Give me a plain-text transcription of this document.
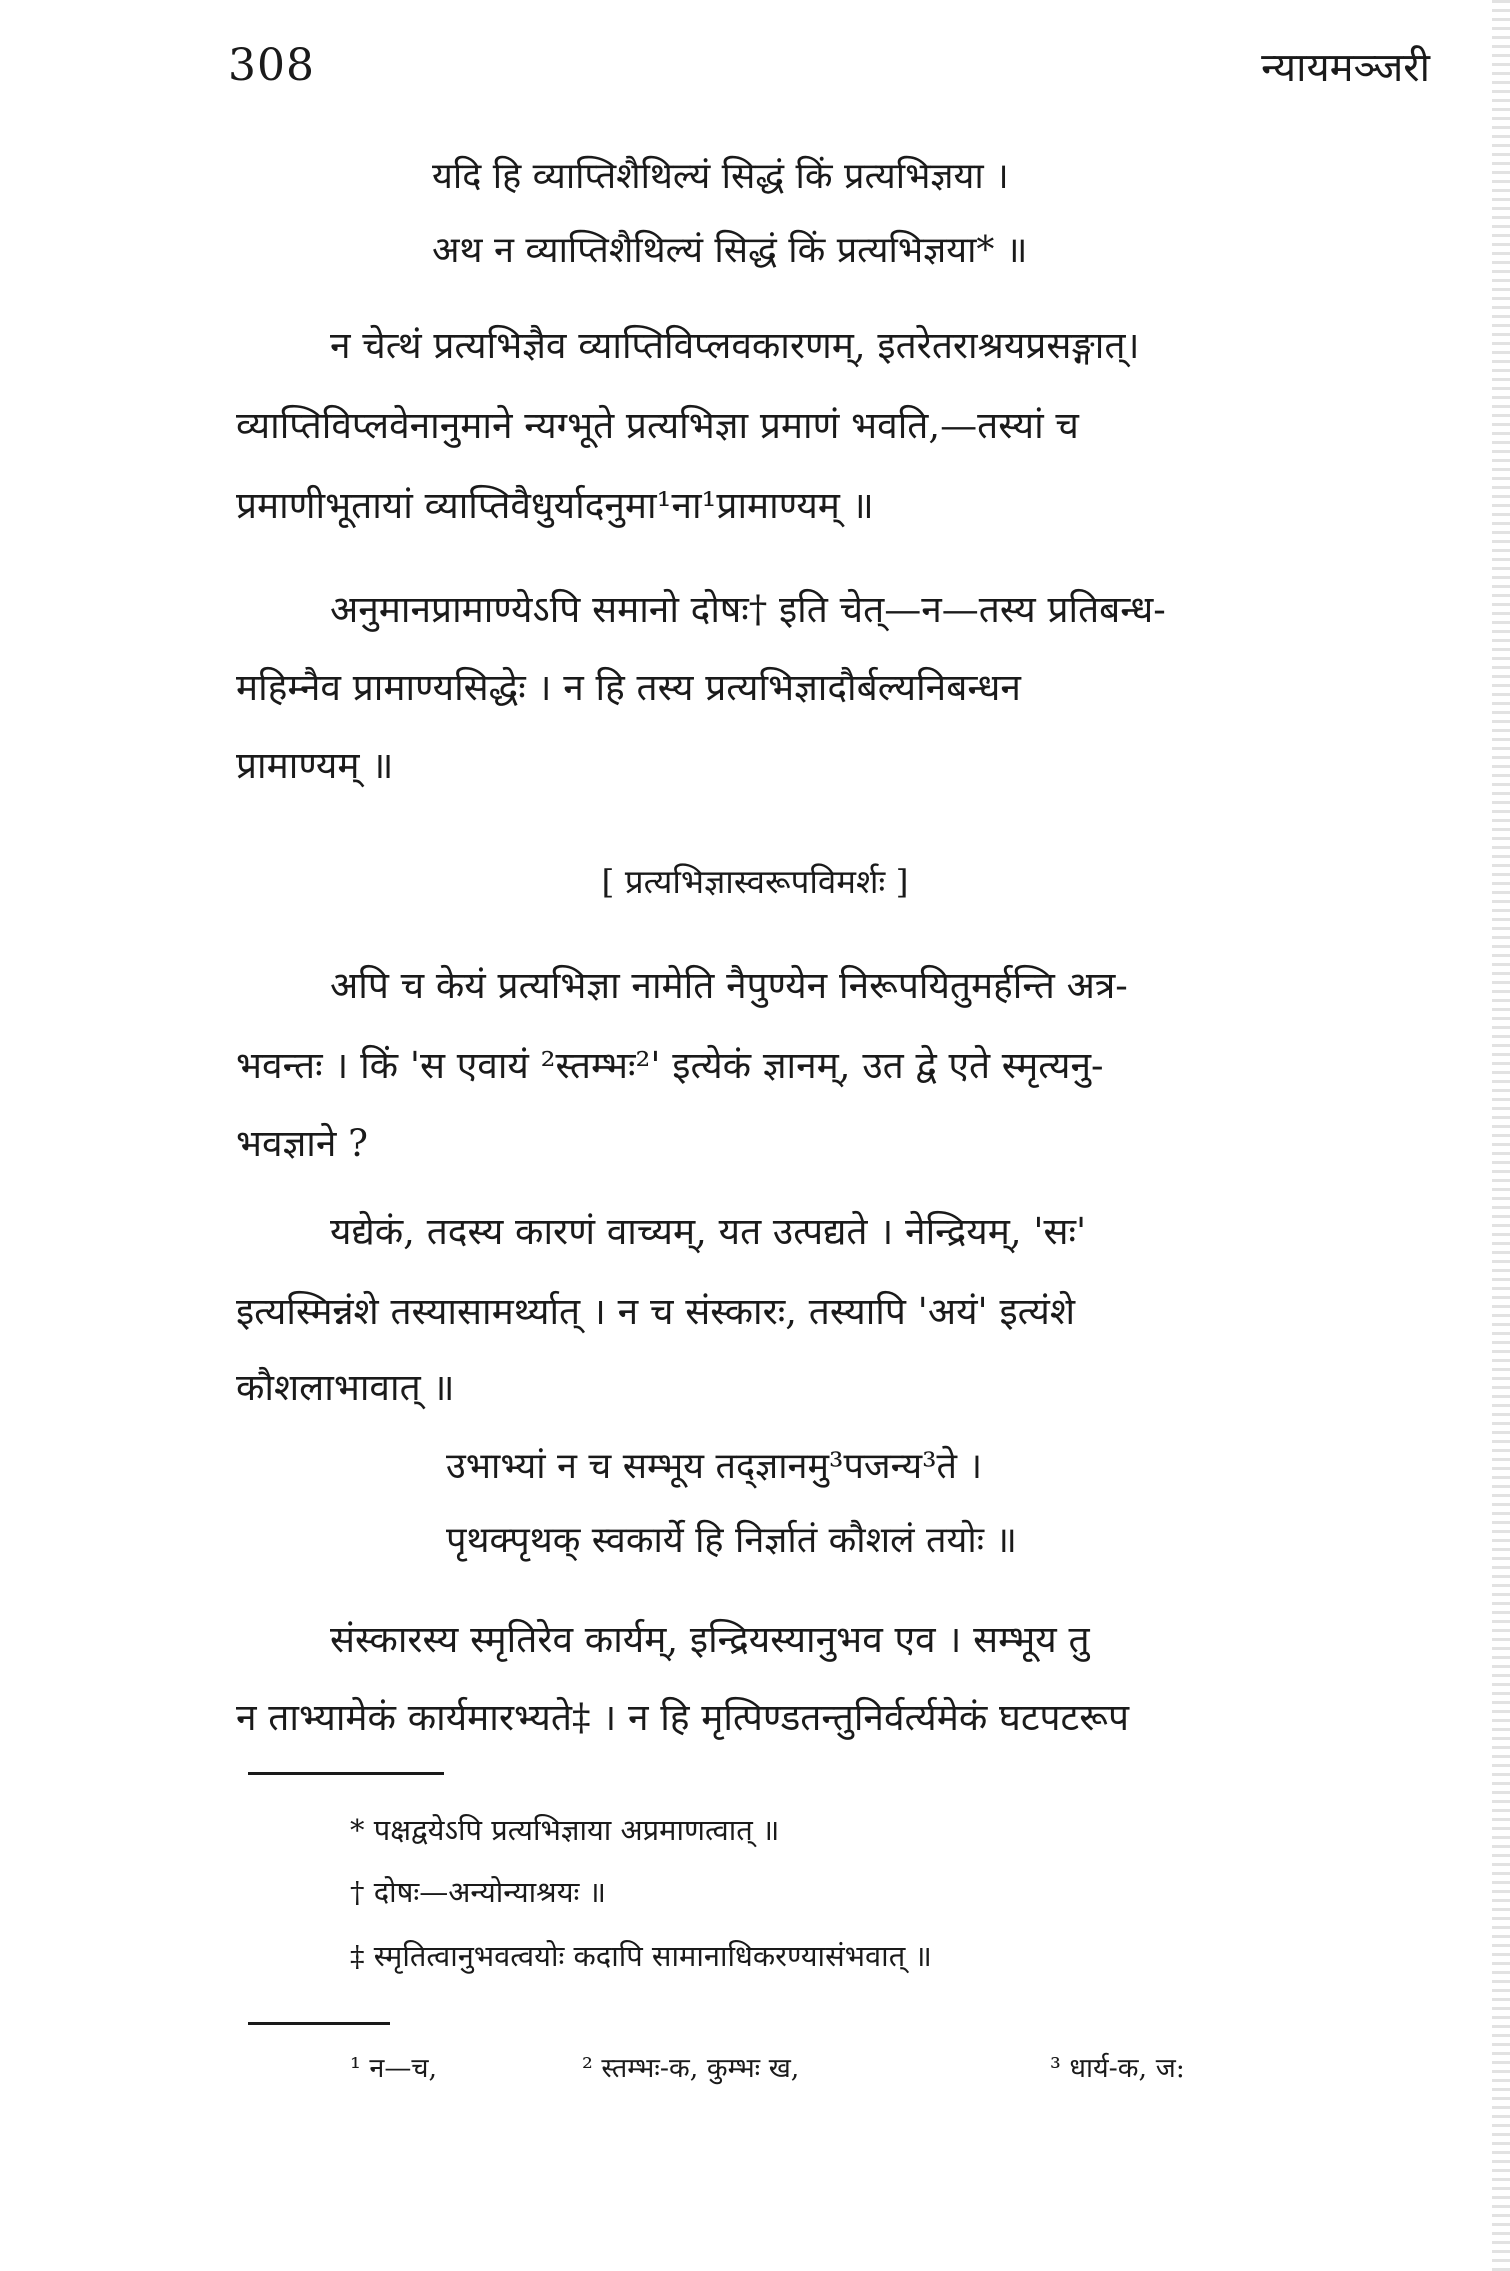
308	न्यायमञ्जरी
यदि हि व्याप्तिशैथिल्यं सिद्धं किं प्रत्यभिज्ञया ।
अथ न व्याप्तिशैथिल्यं सिद्धं किं प्रत्यभिज्ञया* ॥
न चेत्थं प्रत्यभिज्ञैव व्याप्तिविप्लवकारणम्, इतरेतराश्रयप्रसङ्गात्।
व्याप्तिविप्लवेनानुमाने न्यग्भूते प्रत्यभिज्ञा प्रमाणं भवति,—तस्यां च
प्रमाणीभूतायां व्याप्तिवैधुर्यादनुमा¹ना¹प्रामाण्यम् ॥
अनुमानप्रामाण्येऽपि समानो दोषः† इति चेत्—न—तस्य प्रतिबन्ध-
महिम्नैव प्रामाण्यसिद्धेः । न हि तस्य प्रत्यभिज्ञादौर्बल्यनिबन्धन
प्रामाण्यम् ॥
[ प्रत्यभिज्ञास्वरूपविमर्शः ]
अपि च केयं प्रत्यभिज्ञा नामेति नैपुण्येन निरूपयितुमर्हन्ति अत्र-
भवन्तः । किं 'स एवायं ²स्तम्भः²' इत्येकं ज्ञानम्, उत द्वे एते स्मृत्यनु-
भवज्ञाने ?
यद्येकं, तदस्य कारणं वाच्यम्, यत उत्पद्यते । नेन्द्रियम्, 'सः'
इत्यस्मिन्नंशे तस्यासामर्थ्यात् । न च संस्कारः, तस्यापि 'अयं' इत्यंशे
कौशलाभावात् ॥
उभाभ्यां न च सम्भूय तद्ज्ञानमु³पजन्य³ते ।
पृथक्पृथक् स्वकार्ये हि निर्ज्ञातं कौशलं तयोः ॥
संस्कारस्य स्मृतिरेव कार्यम्, इन्द्रियस्यानुभव एव । सम्भूय तु
न ताभ्यामेकं कार्यमारभ्यते‡ । न हि मृत्पिण्डतन्तुनिर्वर्त्यमेकं घटपटरूप
* पक्षद्वयेऽपि प्रत्यभिज्ञाया अप्रमाणत्वात् ॥
† दोषः—अन्योन्याश्रयः ॥
‡ स्मृतित्वानुभवत्वयोः कदापि सामानाधिकरण्यासंभवात् ॥
¹ न—च,	² स्तम्भः-क, कुम्भः ख,	³ धार्य-क, ज:
